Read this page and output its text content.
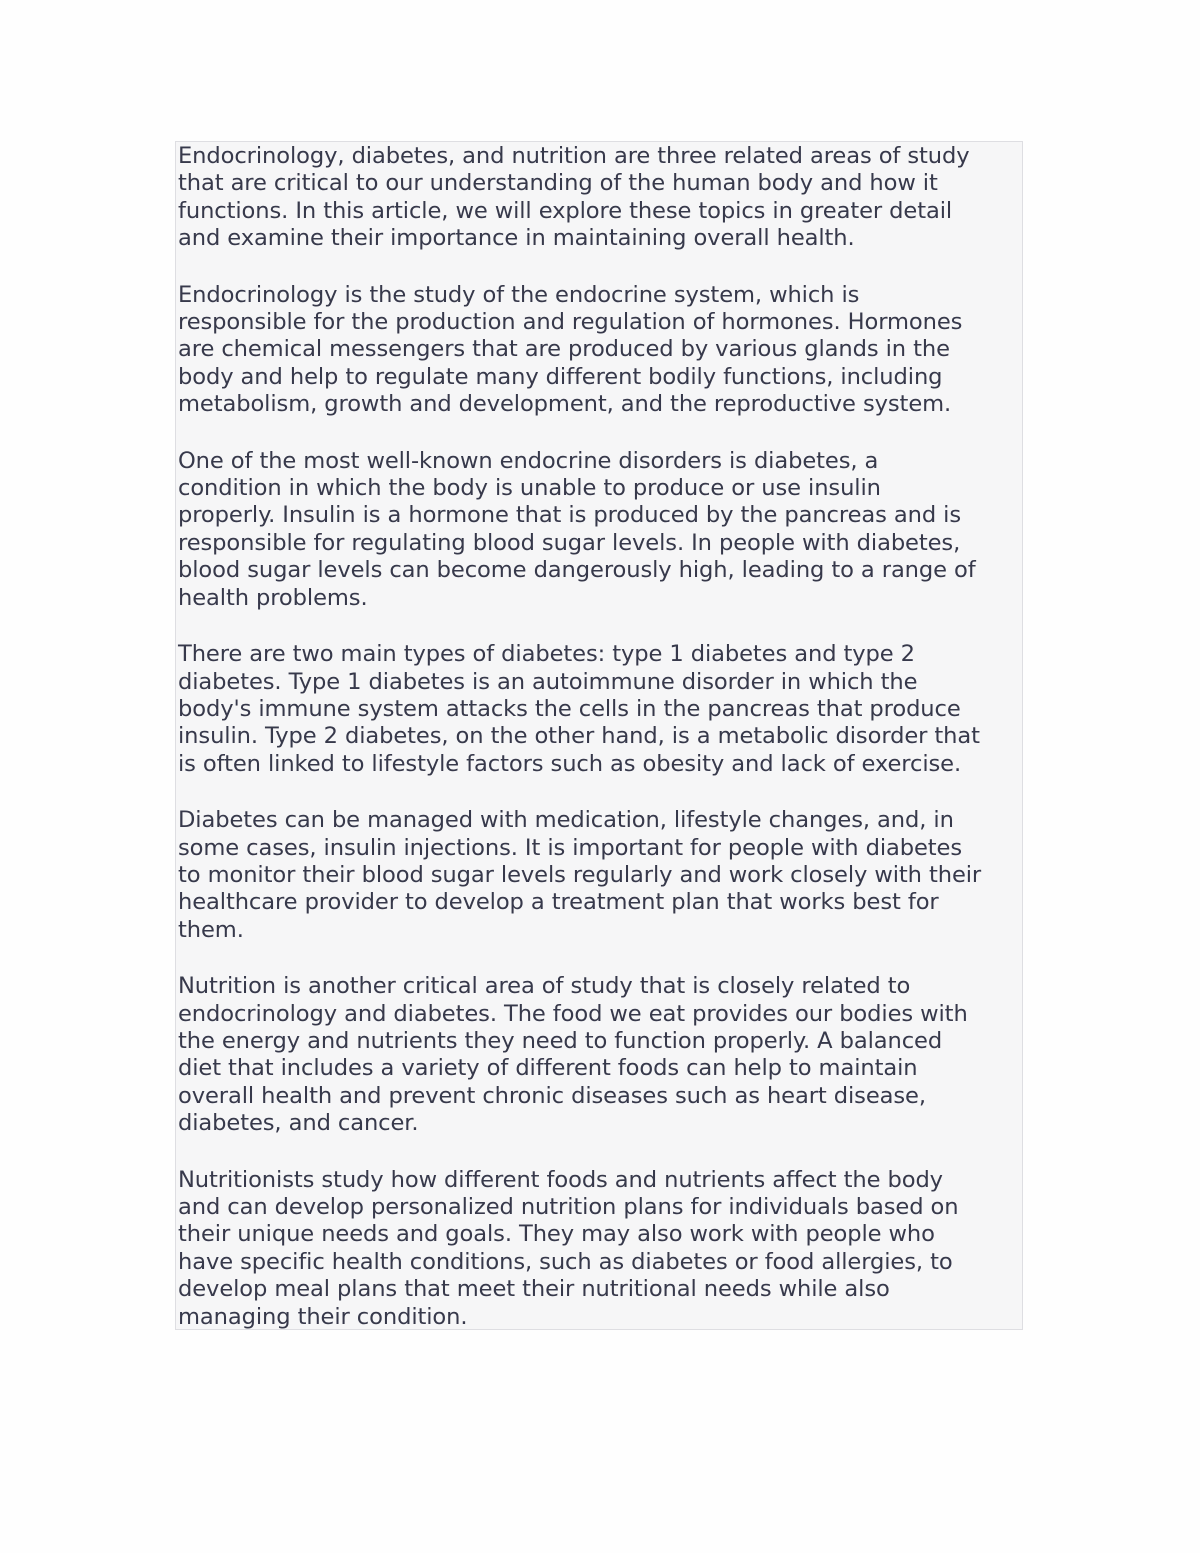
Endocrinology, diabetes, and nutrition are three related areas of study
that are critical to our understanding of the human body and how it
functions. In this article, we will explore these topics in greater detail
and examine their importance in maintaining overall health.

Endocrinology is the study of the endocrine system, which is
responsible for the production and regulation of hormones. Hormones
are chemical messengers that are produced by various glands in the
body and help to regulate many different bodily functions, including
metabolism, growth and development, and the reproductive system.

One of the most well-known endocrine disorders is diabetes, a
condition in which the body is unable to produce or use insulin
properly. Insulin is a hormone that is produced by the pancreas and is
responsible for regulating blood sugar levels. In people with diabetes,
blood sugar levels can become dangerously high, leading to a range of
health problems.

There are two main types of diabetes: type 1 diabetes and type 2
diabetes. Type 1 diabetes is an autoimmune disorder in which the
body's immune system attacks the cells in the pancreas that produce
insulin. Type 2 diabetes, on the other hand, is a metabolic disorder that
is often linked to lifestyle factors such as obesity and lack of exercise.

Diabetes can be managed with medication, lifestyle changes, and, in
some cases, insulin injections. It is important for people with diabetes
to monitor their blood sugar levels regularly and work closely with their
healthcare provider to develop a treatment plan that works best for
them.

Nutrition is another critical area of study that is closely related to
endocrinology and diabetes. The food we eat provides our bodies with
the energy and nutrients they need to function properly. A balanced
diet that includes a variety of different foods can help to maintain
overall health and prevent chronic diseases such as heart disease,
diabetes, and cancer.

Nutritionists study how different foods and nutrients affect the body
and can develop personalized nutrition plans for individuals based on
their unique needs and goals. They may also work with people who
have specific health conditions, such as diabetes or food allergies, to
develop meal plans that meet their nutritional needs while also
managing their condition.
